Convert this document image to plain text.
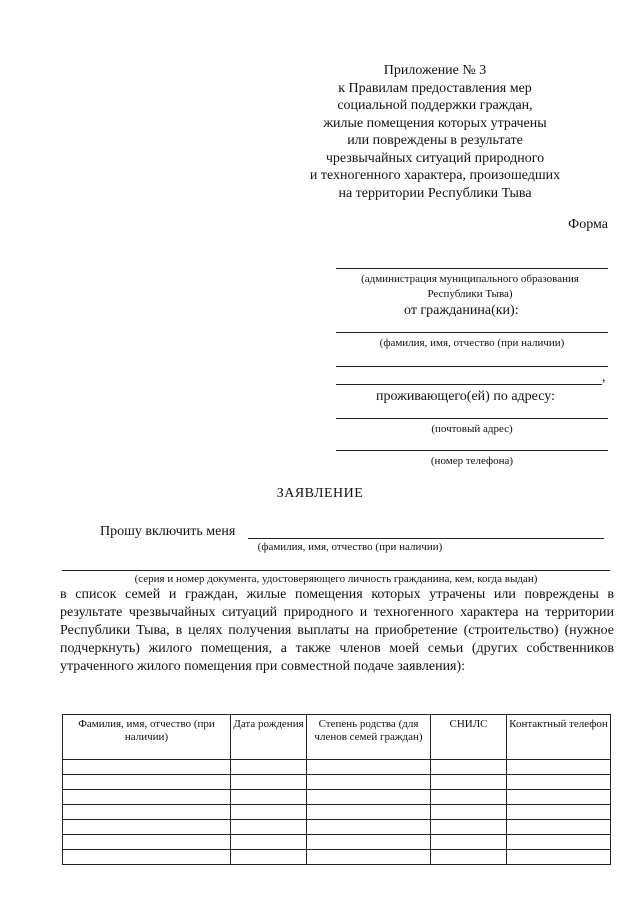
Приложение № 3
к Правилам предоставления мер
социальной поддержки граждан,
жилые помещения которых утрачены
или повреждены в результате
чрезвычайных ситуаций природного
и техногенного характера, произошедших
на территории Республики Тыва
Форма
(администрация муниципального образования
Республики Тыва)
от гражданина(ки):
(фамилия, имя, отчество (при наличии)
,
проживающего(ей) по адресу:
(почтовый адрес)
(номер телефона)
ЗАЯВЛЕНИЕ
Прошу включить меня
(фамилия, имя, отчество (при наличии)
(серия и номер документа, удостоверяющего личность гражданина, кем, когда выдан)
в список семей и граждан, жилые помещения которых утрачены или повреждены в результате чрезвычайных ситуаций природного и техногенного характера на территории Республики Тыва, в целях получения выплаты на приобретение (строительство) (нужное подчеркнуть) жилого помещения, а также членов моей семьи (других собственников утраченного жилого помещения при совместной подаче заявления):
Фамилия, имя, отчество (при наличии)	Дата рождения	Степень родства (для членов семей граждан)	СНИЛС	Контактный телефон
